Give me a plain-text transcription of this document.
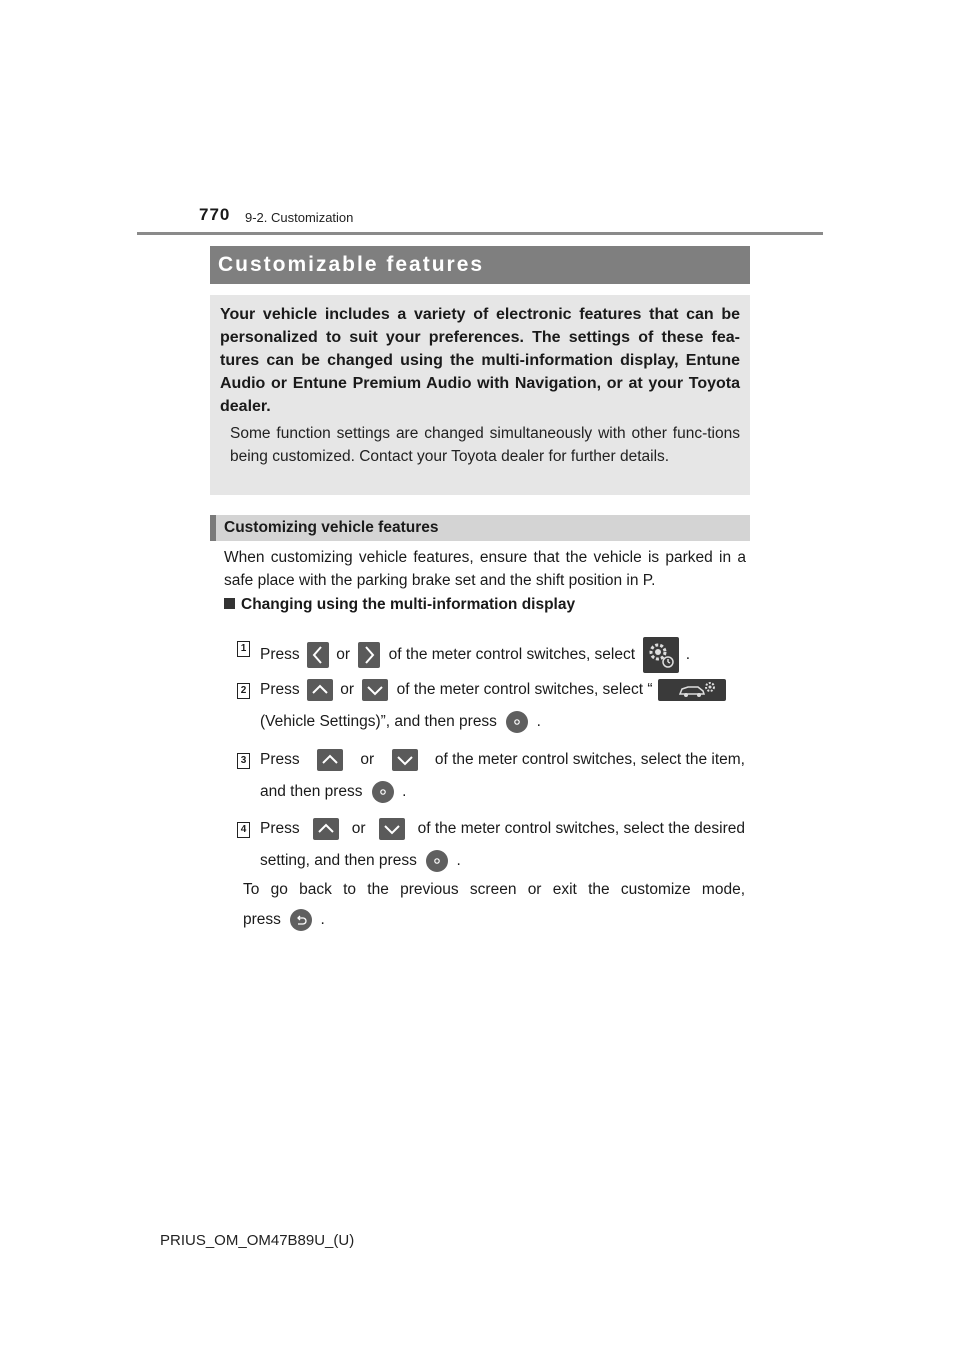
770 9-2. Customization
Customizable features

Your vehicle includes a variety of electronic features that can be personalized to suit your preferences. The settings of these fea-tures can be changed using the multi-information display, Entune Audio or Entune Premium Audio with Navigation, or at your Toyota dealer.

Some function settings are changed simultaneously with other func-tions being customized. Contact your Toyota dealer for further details.

Customizing vehicle features

When customizing vehicle features, ensure that the vehicle is parked in a safe place with the parking brake set and the shift position in P.

Changing using the multi-information display
1 Press or of the meter control switches, select	.
2 Press	or	of the meter control switches, select “
(Vehicle Settings)”, and then press	.
3 Press	or	of the meter control switches, select the item,
and then press	.
4 Press	or	of the meter control switches, select the desired
setting, and then press	.
To go back to the previous screen or exit the customize mode,
press	.
PRIUS_OM_OM47B89U_(U)
